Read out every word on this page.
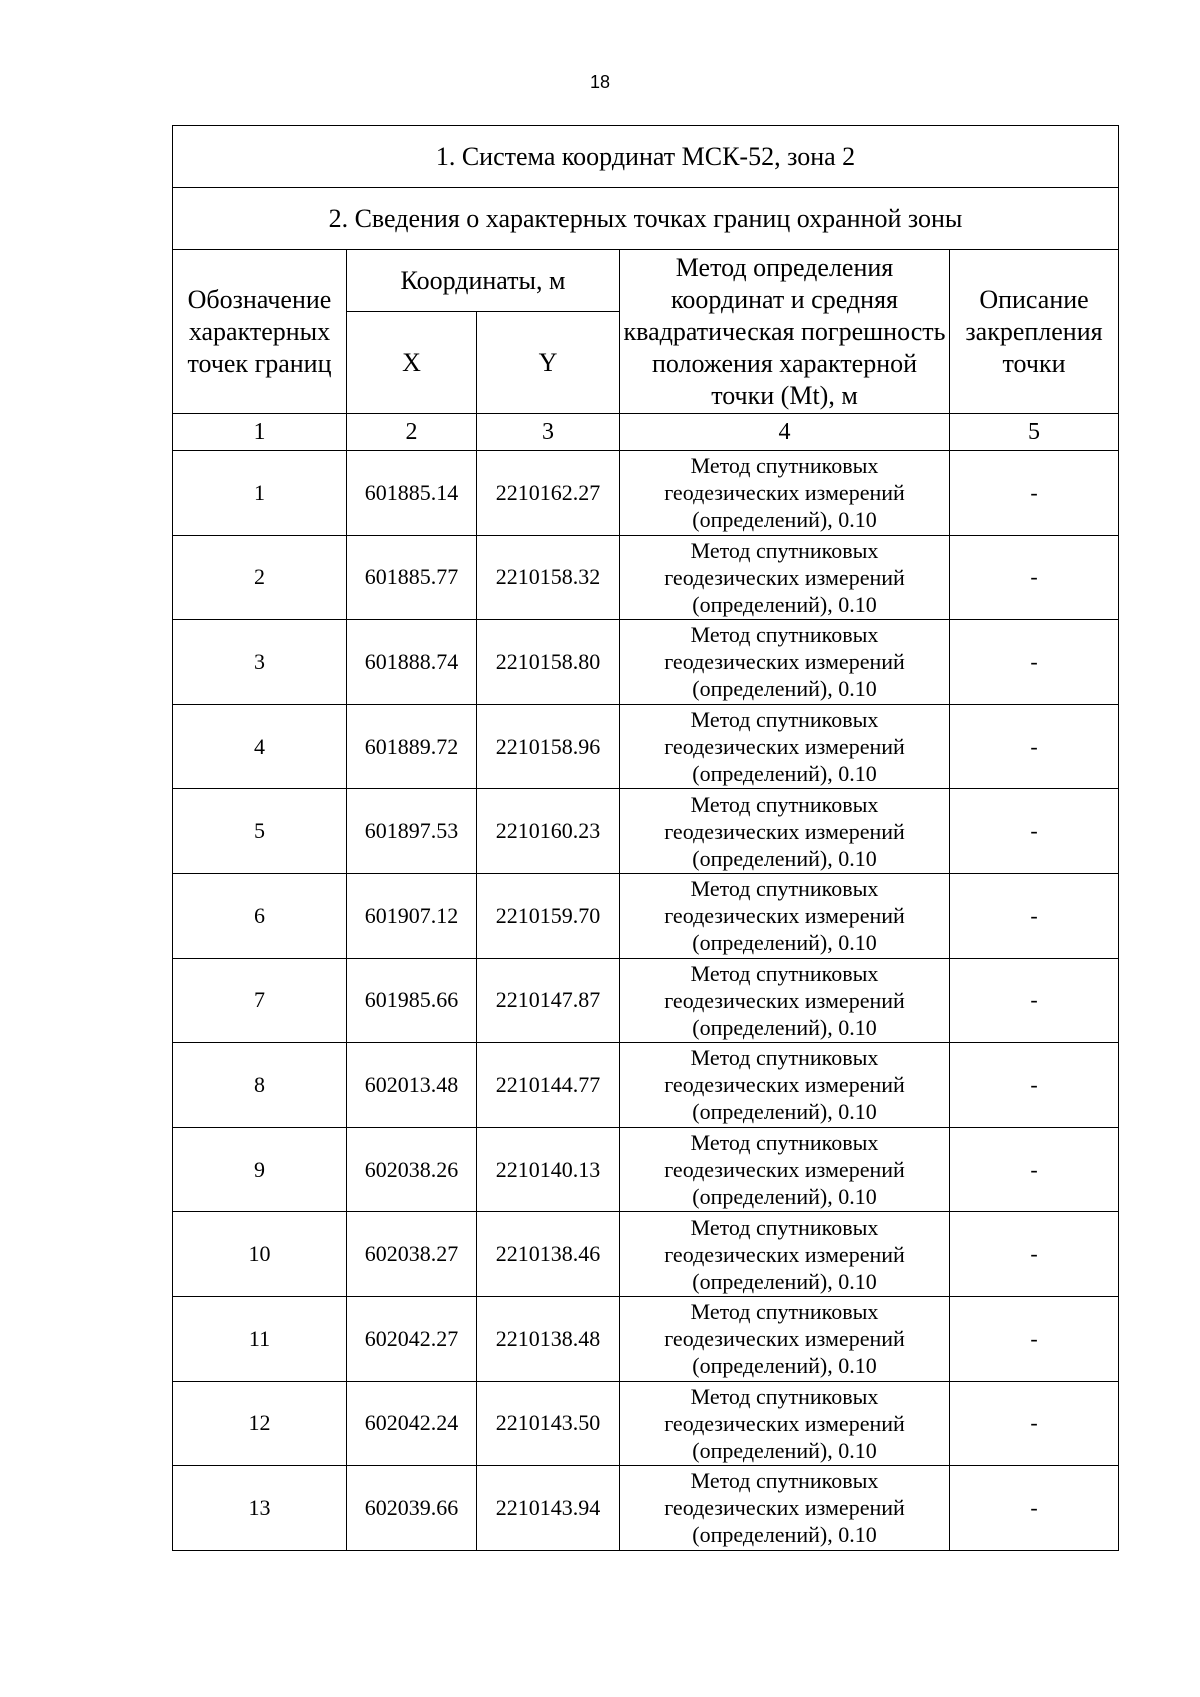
18
1. Система координат МСК-52, зона 2				
2. Сведения о характерных точках границ охранной зоны				
Обозначение характерных точек границ	Координаты, м		Метод определения координат и средняя квадратическая погрешность положения характерной точки (Mt), м	Описание закрепления точки
	X	Y		
1	2	3	4	5
1	601885.14	2210162.27	Метод спутниковых
геодезических измерений
(определений), 0.10	-
2	601885.77	2210158.32	Метод спутниковых
геодезических измерений
(определений), 0.10	-
3	601888.74	2210158.80	Метод спутниковых
геодезических измерений
(определений), 0.10	-
4	601889.72	2210158.96	Метод спутниковых
геодезических измерений
(определений), 0.10	-
5	601897.53	2210160.23	Метод спутниковых
геодезических измерений
(определений), 0.10	-
6	601907.12	2210159.70	Метод спутниковых
геодезических измерений
(определений), 0.10	-
7	601985.66	2210147.87	Метод спутниковых
геодезических измерений
(определений), 0.10	-
8	602013.48	2210144.77	Метод спутниковых
геодезических измерений
(определений), 0.10	-
9	602038.26	2210140.13	Метод спутниковых
геодезических измерений
(определений), 0.10	-
10	602038.27	2210138.46	Метод спутниковых
геодезических измерений
(определений), 0.10	-
11	602042.27	2210138.48	Метод спутниковых
геодезических измерений
(определений), 0.10	-
12	602042.24	2210143.50	Метод спутниковых
геодезических измерений
(определений), 0.10	-
13	602039.66	2210143.94	Метод спутниковых
геодезических измерений
(определений), 0.10	-
